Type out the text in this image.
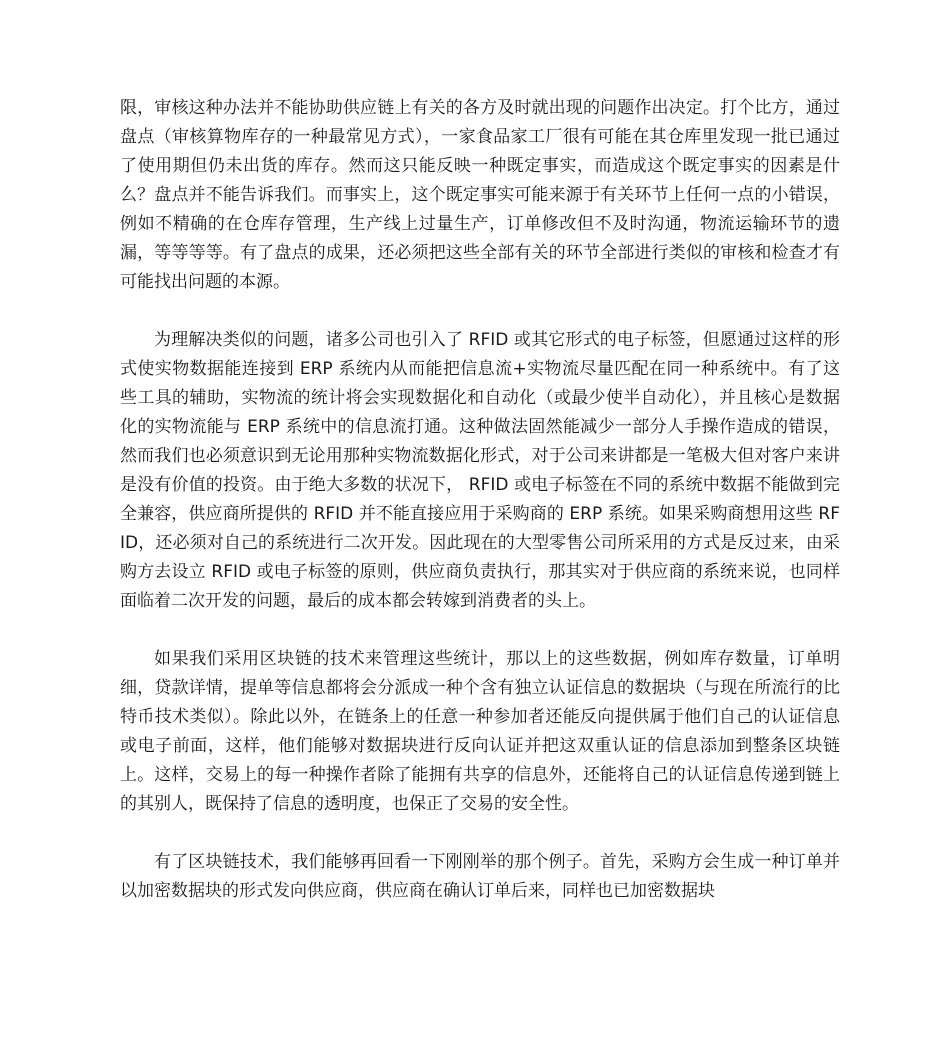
限，审核这种办法并不能协助供应链上有关的各方及时就出现的问题作出决定。打个比方，通过盘点（审核算物库存的一种最常见方式），一家食品家工厂很有可能在其仓库里发现一批已通过了使用期但仍未出货的库存。然而这只能反映一种既定事实，而造成这个既定事实的因素是什么？盘点并不能告诉我们。而事实上，这个既定事实可能来源于有关环节上任何一点的小错误，例如不精确的在仓库存管理，生产线上过量生产，订单修改但不及时沟通，物流运输环节的遗漏，等等等等。有了盘点的成果，还必须把这些全部有关的环节全部进行类似的审核和检查才有可能找出问题的本源。

为理解决类似的问题，诸多公司也引入了 RFID 或其它形式的电子标签，但愿通过这样的形式使实物数据能连接到 ERP 系统内从而能把信息流+实物流尽量匹配在同一种系统中。有了这些工具的辅助，实物流的统计将会实现数据化和自动化（或最少使半自动化），并且核心是数据化的实物流能与 ERP 系统中的信息流打通。这种做法固然能减少一部分人手操作造成的错误，然而我们也必须意识到无论用那种实物流数据化形式，对于公司来讲都是一笔极大但对客户来讲是没有价值的投资。由于绝大多数的状况下， RFID 或电子标签在不同的系统中数据不能做到完全兼容，供应商所提供的 RFID 并不能直接应用于采购商的 ERP 系统。如果采购商想用这些 RFID，还必须对自己的系统进行二次开发。因此现在的大型零售公司所采用的方式是反过来，由采购方去设立 RFID 或电子标签的原则，供应商负责执行，那其实对于供应商的系统来说，也同样面临着二次开发的问题，最后的成本都会转嫁到消费者的头上。

如果我们采用区块链的技术来管理这些统计，那以上的这些数据，例如库存数量，订单明细，贷款详情，提单等信息都将会分派成一种个含有独立认证信息的数据块（与现在所流行的比特币技术类似）。除此以外，在链条上的任意一种参加者还能反向提供属于他们自己的认证信息或电子前面，这样，他们能够对数据块进行反向认证并把这双重认证的信息添加到整条区块链上。这样，交易上的每一种操作者除了能拥有共享的信息外，还能将自己的认证信息传递到链上的其别人，既保持了信息的透明度，也保正了交易的安全性。

有了区块链技术，我们能够再回看一下刚刚举的那个例子。首先，采购方会生成一种订单并以加密数据块的形式发向供应商，供应商在确认订单后来，同样也已加密数据块
